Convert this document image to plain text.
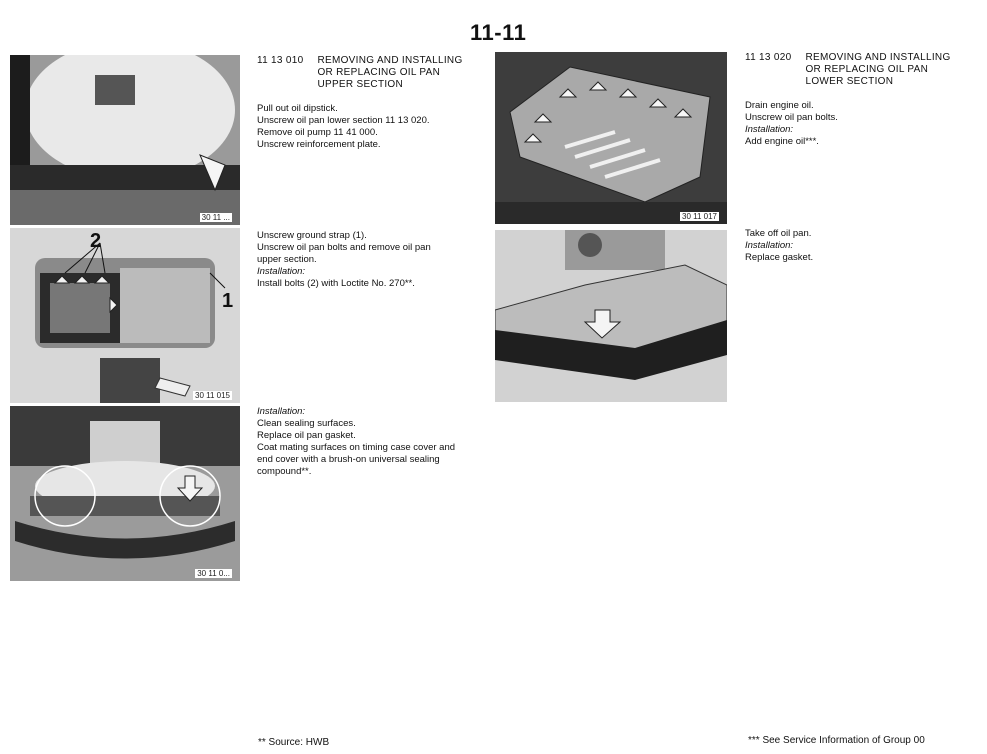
11-11
30 11 ...
2
1
30 11 015
30 11 0...
11 13 010 REMOVING AND INSTALLING
OR REPLACING OIL PAN
UPPER SECTION
Pull out oil dipstick.
Unscrew oil pan lower section 11 13 020.
Remove oil pump 11 41 000.
Unscrew reinforcement plate.
Unscrew ground strap (1).
Unscrew oil pan bolts and remove oil pan
upper section.
Installation:
Install bolts (2) with Loctite No. 270**.
Installation:
Clean sealing surfaces.
Replace oil pan gasket.
Coat mating surfaces on timing case cover and
end cover with a brush-on universal sealing
compound**.
30 11 017
11 13 020 REMOVING AND INSTALLING
OR REPLACING OIL PAN
LOWER SECTION
Drain engine oil.
Unscrew oil pan bolts.
Installation:
Add engine oil***.
Take off oil pan.
Installation:
Replace gasket.
** Source: HWB	*** See Service Information of Group 00
